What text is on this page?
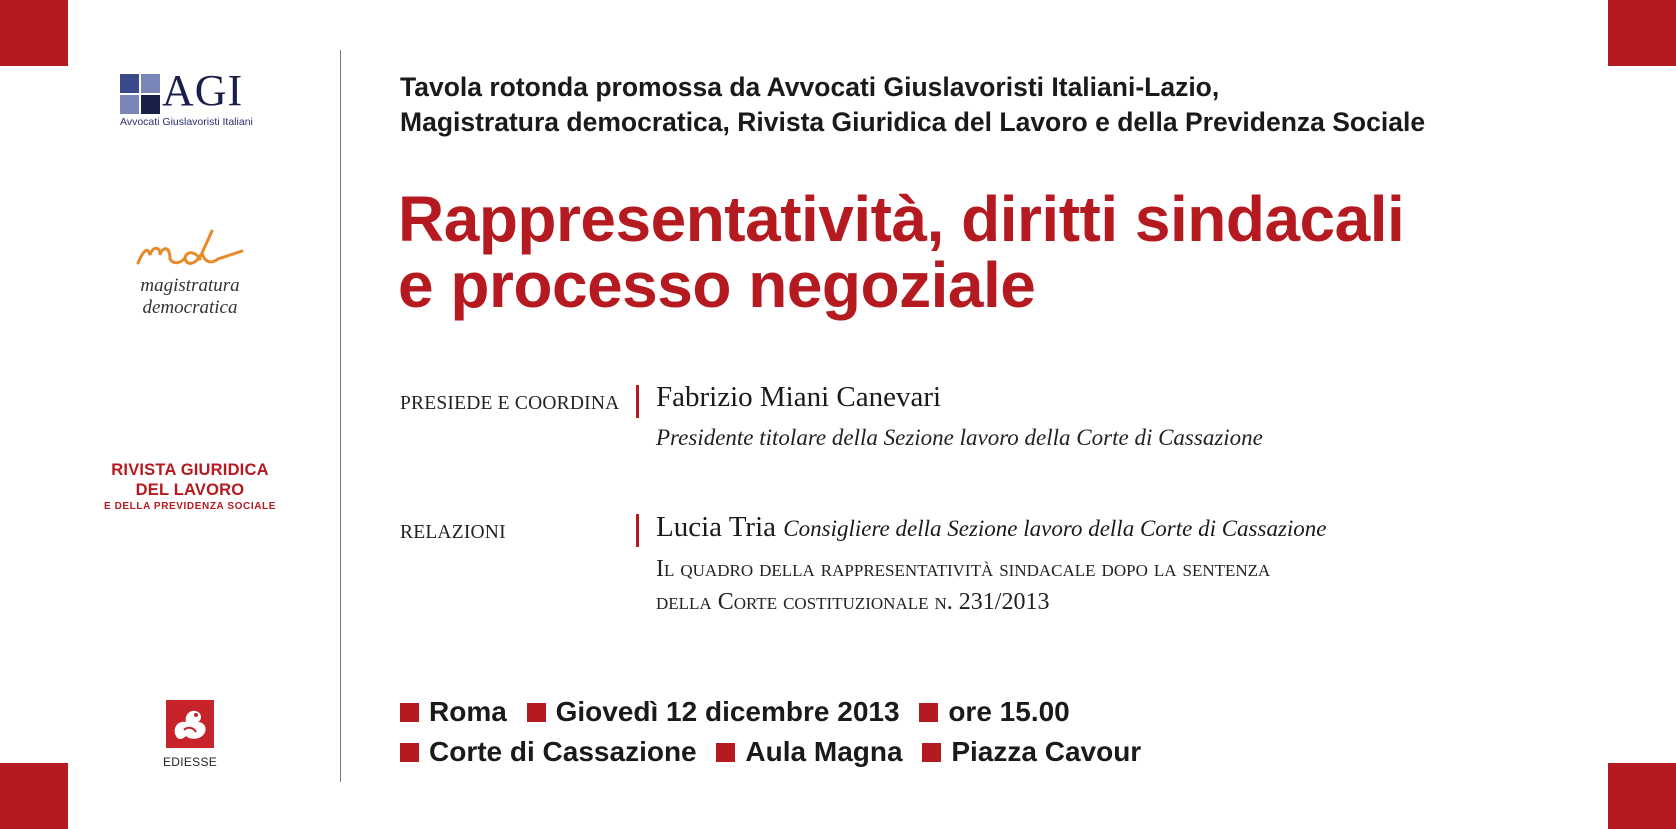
AGI
Avvocati Giuslavoristi Italiani
magistratura
democratica
RIVISTA GIURIDICA
DEL LAVORO
E DELLA PREVIDENZA SOCIALE
EDIESSE
Tavola rotonda promossa da Avvocati Giuslavoristi Italiani-Lazio,
Magistratura democratica, Rivista Giuridica del Lavoro e della Previdenza Sociale
Rappresentatività, diritti sindacali
e processo negoziale
PRESIEDE E COORDINA Fabrizio Miani Canevari
Presidente titolare della Sezione lavoro della Corte di Cassazione
RELAZIONI	Lucia Tria Consigliere della Sezione lavoro della Corte di Cassazione
Il quadro della rappresentatività sindacale dopo la sentenza
della Corte costituzionale n. 231/2013
Roma Giovedì 12 dicembre 2013 ore 15.00
Corte di Cassazione Aula Magna Piazza Cavour
